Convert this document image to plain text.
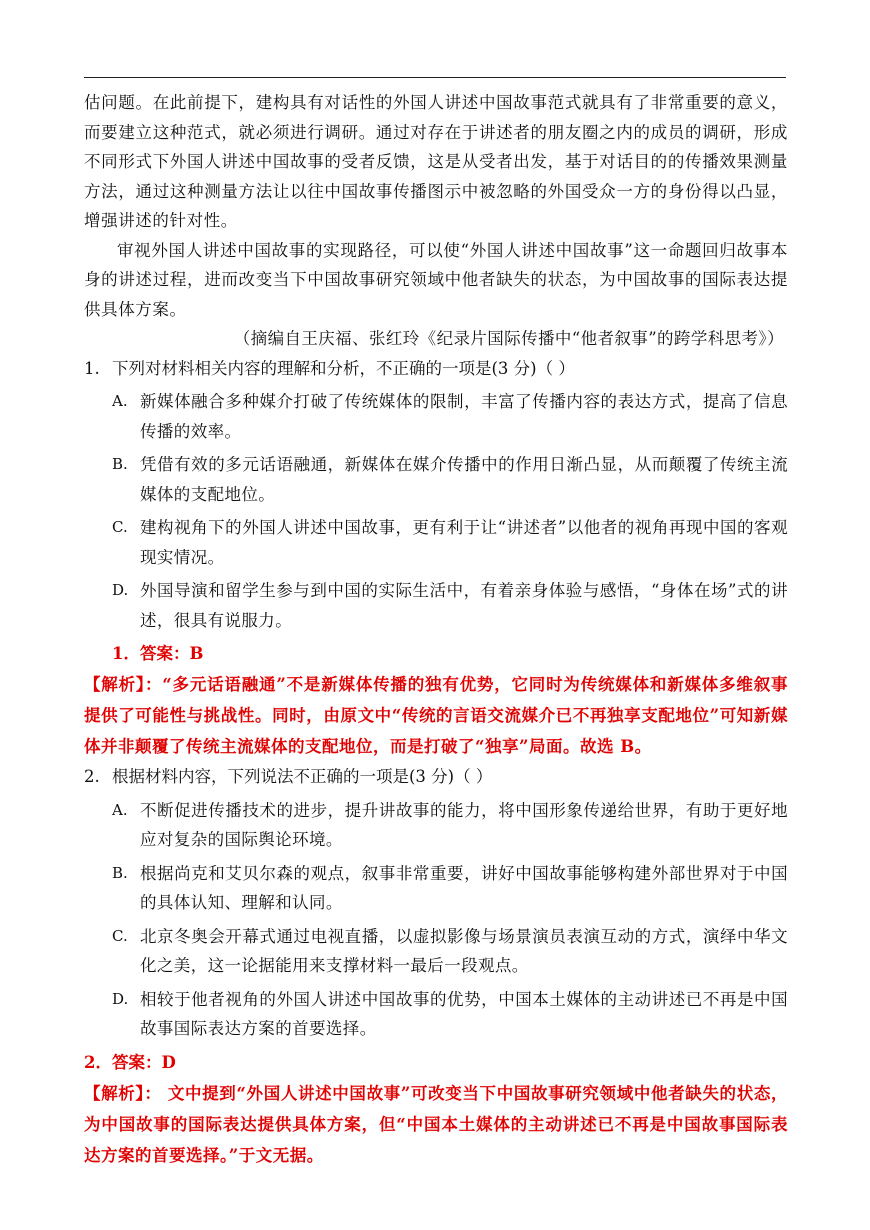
估问题。在此前提下，建构具有对话性的外国人讲述中国故事范式就具有了非常重要的意义，而要建立这种范式，就必须进行调研。通过对存在于讲述者的朋友圈之内的成员的调研，形成不同形式下外国人讲述中国故事的受者反馈，这是从受者出发，基于对话目的的传播效果测量方法，通过这种测量方法让以往中国故事传播图示中被忽略的外国受众一方的身份得以凸显，增强讲述的针对性。
审视外国人讲述中国故事的实现路径，可以使“外国人讲述中国故事”这一命题回归故事本身的讲述过程，进而改变当下中国故事研究领域中他者缺失的状态，为中国故事的国际表达提供具体方案。
（摘编自王庆福、张红玲《纪录片国际传播中“他者叙事”的跨学科思考》）
1. 下列对材料相关内容的理解和分析，不正确的一项是(3 分)（ ）
A. 新媒体融合多种媒介打破了传统媒体的限制，丰富了传播内容的表达方式，提高了信息传播的效率。
B. 凭借有效的多元话语融通，新媒体在媒介传播中的作用日渐凸显，从而颠覆了传统主流媒体的支配地位。
C. 建构视角下的外国人讲述中国故事，更有利于让“讲述者”以他者的视角再现中国的客观现实情况。
D. 外国导演和留学生参与到中国的实际生活中，有着亲身体验与感悟，“身体在场”式的讲述，很具有说服力。
1．答案：B
【解析】：“多元话语融通”不是新媒体传播的独有优势，它同时为传统媒体和新媒体多维叙事提供了可能性与挑战性。同时，由原文中“传统的言语交流媒介已不再独享支配地位”可知新媒体并非颠覆了传统主流媒体的支配地位，而是打破了“独享”局面。故选 B。
2. 根据材料内容，下列说法不正确的一项是(3 分)（ ）
A. 不断促进传播技术的进步，提升讲故事的能力，将中国形象传递给世界，有助于更好地应对复杂的国际舆论环境。
B. 根据尚克和艾贝尔森的观点，叙事非常重要，讲好中国故事能够构建外部世界对于中国的具体认知、理解和认同。
C. 北京冬奥会开幕式通过电视直播，以虚拟影像与场景演员表演互动的方式，演绎中华文化之美，这一论据能用来支撑材料一最后一段观点。
D. 相较于他者视角的外国人讲述中国故事的优势，中国本土媒体的主动讲述已不再是中国故事国际表达方案的首要选择。
2．答案：D
【解析】： 文中提到“外国人讲述中国故事”可改变当下中国故事研究领域中他者缺失的状态，为中国故事的国际表达提供具体方案，但“中国本土媒体的主动讲述已不再是中国故事国际表达方案的首要选择。”于文无据。
